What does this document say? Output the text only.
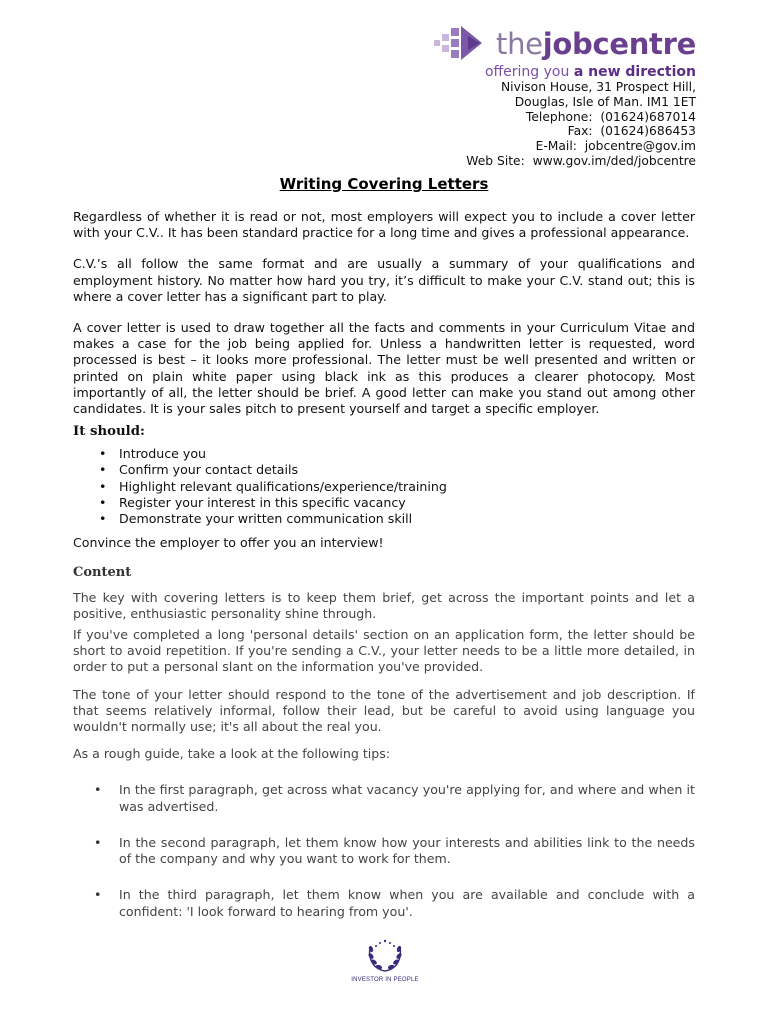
thejobcentre
offering you a new direction
Nivison House, 31 Prospect Hill,
Douglas, Isle of Man. IM1 1ET
Telephone:  (01624)687014
Fax:  (01624)686453
E-Mail:  jobcentre@gov.im
Web Site:  www.gov.im/ded/jobcentre
Writing Covering Letters

Regardless of whether it is read or not, most employers will expect you to include a cover letter with your C.V.. It has been standard practice for a long time and gives a professional appearance.

C.V.’s all follow the same format and are usually a summary of your qualifications and employment history. No matter how hard you try, it’s difficult to make your C.V. stand out; this is where a cover letter has a significant part to play.

A cover letter is used to draw together all the facts and comments in your Curriculum Vitae and makes a case for the job being applied for. Unless a handwritten letter is requested, word processed is best – it looks more professional. The letter must be well presented and written or printed on plain white paper using black ink as this produces a clearer photocopy. Most importantly of all, the letter should be brief. A good letter can make you stand out among other candidates. It is your sales pitch to present yourself and target a specific employer.

It should:

• Introduce you
• Confirm your contact details
• Highlight relevant qualifications/experience/training
• Register your interest in this specific vacancy
• Demonstrate your written communication skill

Convince the employer to offer you an interview!

Content

The key with covering letters is to keep them brief, get across the important points and let a positive, enthusiastic personality shine through.

If you've completed a long 'personal details' section on an application form, the letter should be short to avoid repetition. If you're sending a C.V., your letter needs to be a little more detailed, in order to put a personal slant on the information you've provided.

The tone of your letter should respond to the tone of the advertisement and job description. If that seems relatively informal, follow their lead, but be careful to avoid using language you wouldn't normally use; it's all about the real you.

As a rough guide, take a look at the following tips:

• In the first paragraph, get across what vacancy you're applying for, and where and when it was advertised.
• In the second paragraph, let them know how your interests and abilities link to the needs of the company and why you want to work for them.
• In the third paragraph, let them know when you are available and conclude with a confident: 'I look forward to hearing from you'.
INVESTOR IN PEOPLE
